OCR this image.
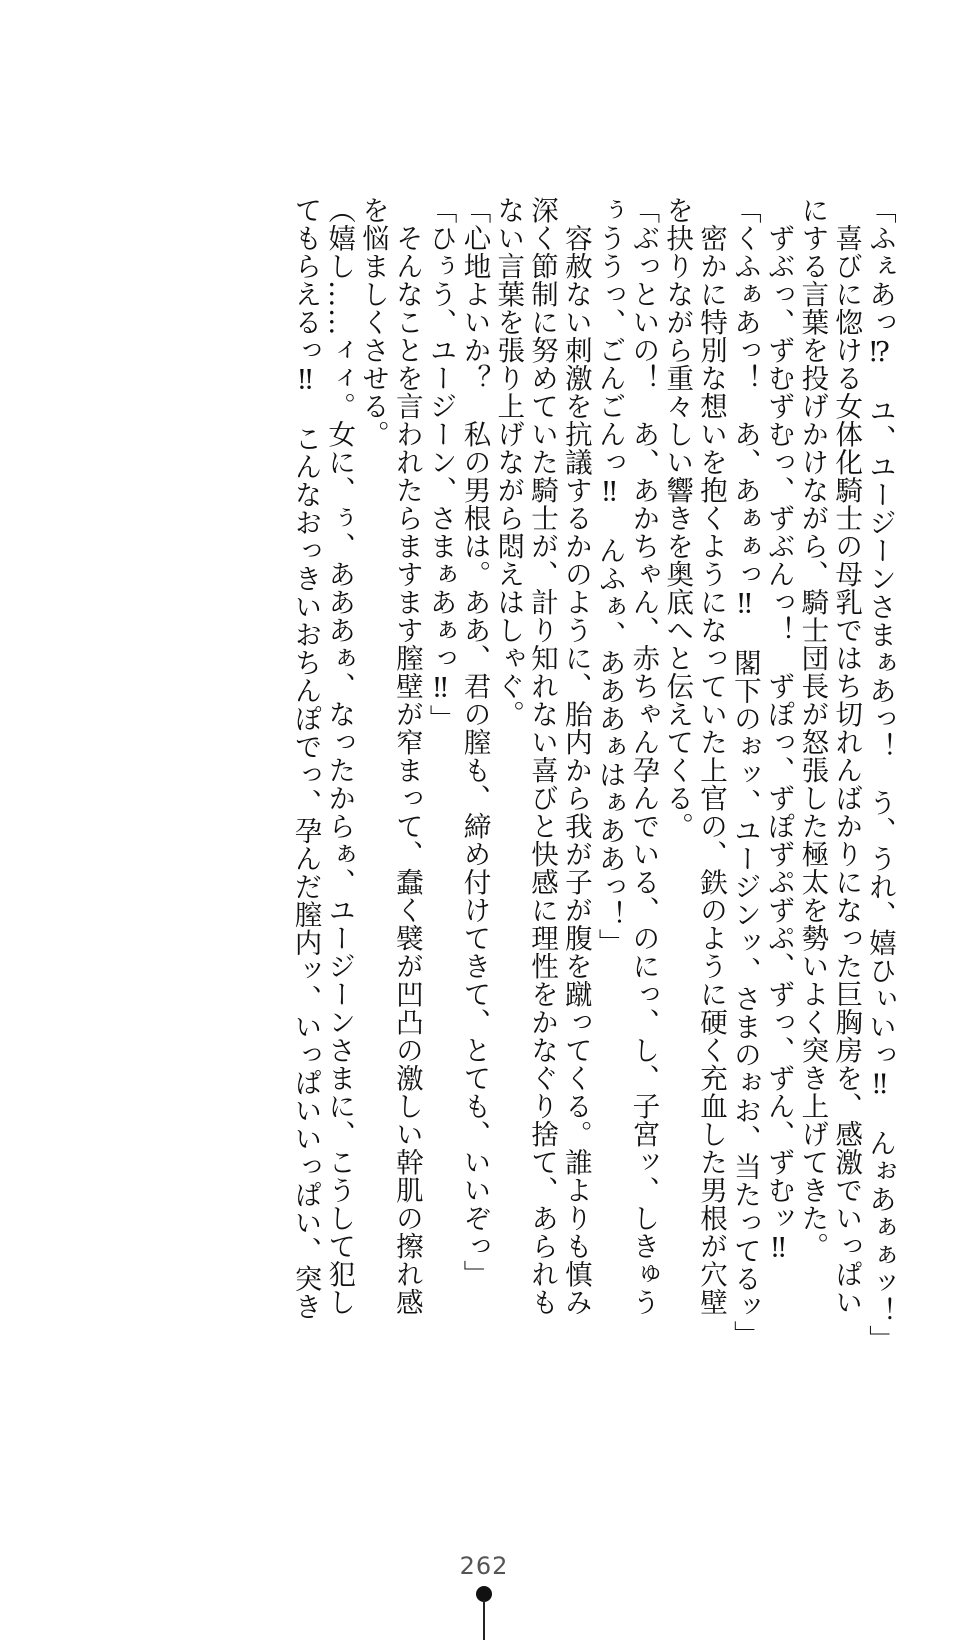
「ふぇあっ⁉　ユ、ユージーンさまぁあっ！　う、うれ、嬉ひぃいっ‼　んぉあぁぁッ！」
　喜びに惚ける女体化騎士の母乳ではち切れんばかりになった巨胸房を、感激でいっぱい
にする言葉を投げかけながら、騎士団長が怒張した極太を勢いよく突き上げてきた。
　ずぶっ、ずむずむっ、ずぶんっ！　ずぽっ、ずぽずぷずぷ、ずっ、ずん、ずむッ‼
「くふぁあっ！　あ、あぁぁっ‼　閣下のぉッ、ユージンッ、さまのぉお、当たってるッ」
　密かに特別な想いを抱くようになっていた上官の、鉄のように硬く充血した男根が穴壁
を抉りながら重々しい響きを奥底へと伝えてくる。
「ぶっといの！　あ、あかちゃん、赤ちゃん孕んでいる、のにっ、し、子宮ッ、しきゅう
ぅううっ、ごんごんっ‼　んふぁ、あああぁはぁああっ！」
　容赦ない刺激を抗議するかのように、胎内から我が子が腹を蹴ってくる。誰よりも慎み
深く節制に努めていた騎士が、計り知れない喜びと快感に理性をかなぐり捨て、あられも
ない言葉を張り上げながら悶えはしゃぐ。
「心地よいか？　私の男根は。ああ、君の膣も、締め付けてきて、とても、いいぞっ」
「ひぅう、ユージーン、さまぁあぁっ‼」
　そんなことを言われたらますます膣壁が窄まって、蠢く襞が凹凸の激しい幹肌の擦れ感
を悩ましくさせる。
（嬉し……ィィ。女に、ぅ、あああぁ、なったからぁ、ユージーンさまに、こうして犯し
てもらえるっ‼　こんなおっきいおちんぽでっ、孕んだ膣内ッ、いっぱいいっぱい、突き
262
